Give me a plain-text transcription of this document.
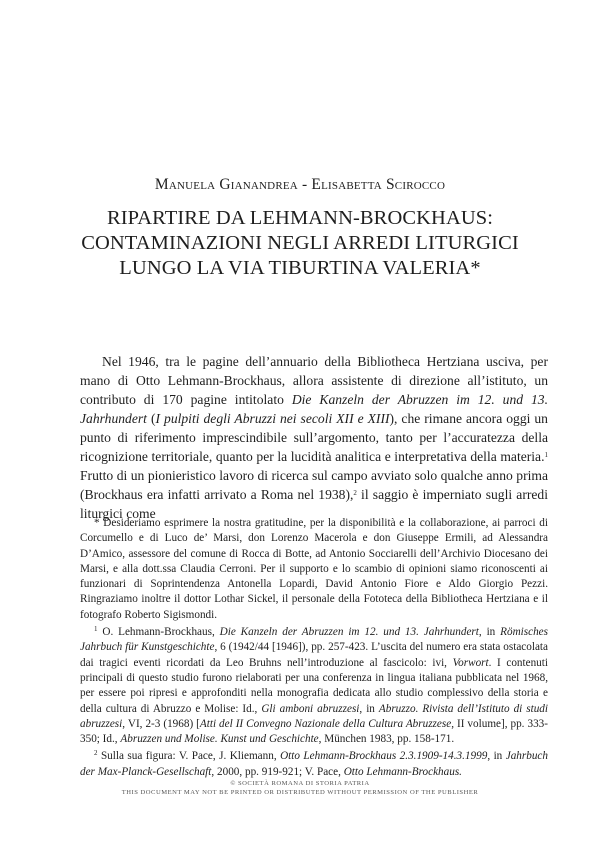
Manuela Gianandrea - Elisabetta Scirocco
RIPARTIRE DA LEHMANN-BROCKHAUS:
CONTAMINAZIONI NEGLI ARREDI LITURGICI
LUNGO LA VIA TIBURTINA VALERIA*

Nel 1946, tra le pagine dell’annuario della Bibliotheca Hertziana usciva, per mano di Otto Lehmann-Brockhaus, allora assistente di direzione all’istituto, un contributo di 170 pagine intitolato Die Kanzeln der Abruzzen im 12. und 13. Jahrhundert (I pulpiti degli Abruzzi nei secoli XII e XIII), che rimane ancora oggi un punto di riferimento imprescindibile sull’argomento, tanto per l’accuratezza della ricognizione territoriale, quanto per la lucidità analitica e interpretativa della materia.$^1$ Frutto di un pionieristico lavoro di ricerca sul campo avviato solo qualche anno prima (Brockhaus era infatti arrivato a Roma nel 1938),$^2$ il saggio è imperniato sugli arredi liturgici come

* Desideriamo esprimere la nostra gratitudine, per la disponibilità e la collaborazione, ai parroci di Corcumello e di Luco de’ Marsi, don Lorenzo Macerola e don Giuseppe Ermili, ad Alessandra D’Amico, assessore del comune di Rocca di Botte, ad Antonio Socciarelli dell’Archivio Diocesano dei Marsi, e alla dott.ssa Claudia Cerroni. Per il supporto e lo scambio di opinioni siamo riconoscenti ai funzionari di Soprintendenza Antonella Lopardi, David Antonio Fiore e Aldo Giorgio Pezzi. Ringraziamo inoltre il dottor Lothar Sickel, il personale della Fototeca della Bibliotheca Hertziana e il fotografo Roberto Sigismondi.

$^1$ O. Lehmann-Brockhaus, Die Kanzeln der Abruzzen im 12. und 13. Jahrhundert, in Römisches Jahrbuch für Kunstgeschichte, 6 (1942/44 [1946]), pp. 257-423. L’uscita del numero era stata ostacolata dai tragici eventi ricordati da Leo Bruhns nell’introduzione al fascicolo: ivi, Vorwort. I contenuti principali di questo studio furono rielaborati per una conferenza in lingua italiana pubblicata nel 1968, per essere poi ripresi e approfonditi nella monografia dedicata allo studio complessivo della storia e della cultura di Abruzzo e Molise: Id., Gli amboni abruzzesi, in Abruzzo. Rivista dell’Istituto di studi abruzzesi, VI, 2-3 (1968) [Atti del II Convegno Nazionale della Cultura Abruzzese, II volume], pp. 333-350; Id., Abruzzen und Molise. Kunst und Geschichte, München 1983, pp. 158-171.

$^2$ Sulla sua figura: V. Pace, J. Kliemann, Otto Lehmann-Brockhaus 2.3.1909-14.3.1999, in Jahrbuch der Max-Planck-Gesellschaft, 2000, pp. 919-921; V. Pace, Otto Lehmann-Brockhaus.

© SOCIETÀ ROMANA DI STORIA PATRIA
THIS DOCUMENT MAY NOT BE PRINTED OR DISTRIBUTED WITHOUT PERMISSION OF THE PUBLISHER
